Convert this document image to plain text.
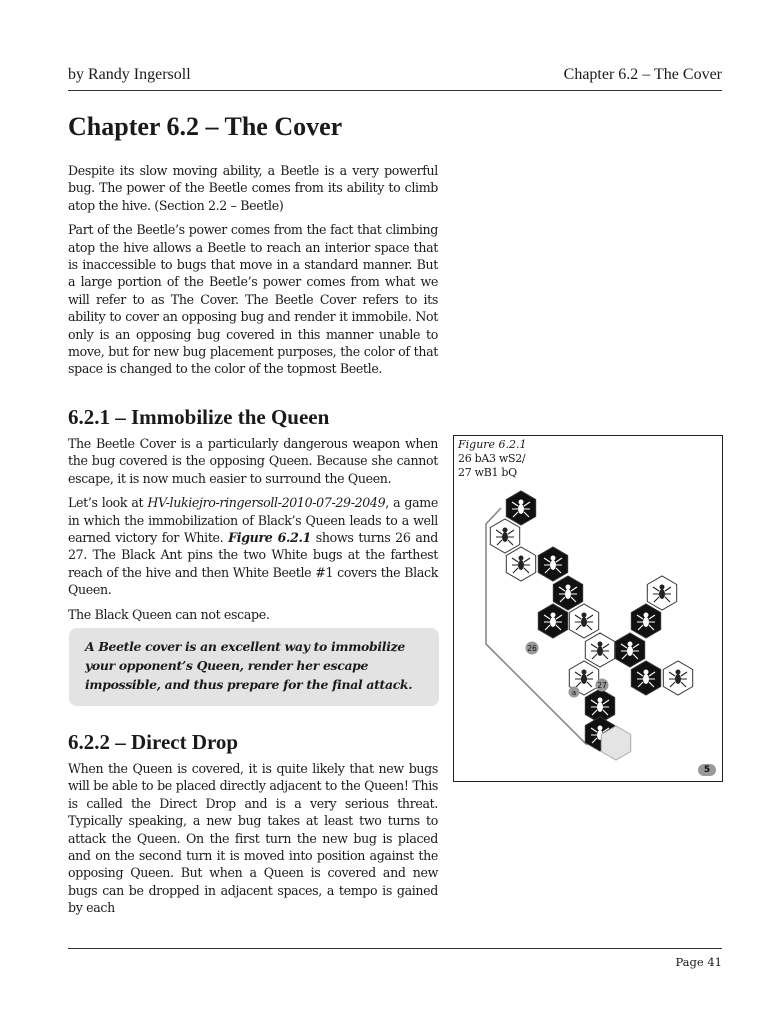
by Randy Ingersoll	Chapter 6.2 – The Cover
Chapter 6.2 – The Cover

Despite its slow moving ability, a Beetle is a very powerful bug. The power of the Beetle comes from its ability to climb atop the hive. (Section 2.2 – Beetle)

Part of the Beetle’s power comes from the fact that climbing atop the hive allows a Beetle to reach an interior space that is inaccessible to bugs that move in a standard manner. But a large portion of the Beetle’s power comes from what we will refer to as The Cover. The Beetle Cover refers to its ability to cover an opposing bug and render it immobile. Not only is an opposing bug covered in this manner unable to move, but for new bug placement purposes, the color of that space is changed to the color of the topmost Beetle.

6.2.1 – Immobilize the Queen

The Beetle Cover is a particularly dangerous weapon when the bug covered is the opposing Queen. Because she cannot escape, it is now much easier to surround the Queen.

Let’s look at HV-lukiejro-ringersoll-2010-07-29-2049, a game in which the immobilization of Black’s Queen leads to a well earned victory for White. Figure 6.2.1 shows turns 26 and 27. The Black Ant pins the two White bugs at the farthest reach of the hive and then White Beetle #1 covers the Black Queen.

The Black Queen can not escape.

A Beetle cover is an excellent way to immobilize your opponent’s Queen, render her escape impossible, and thus prepare for the final attack.

6.2.2 – Direct Drop

When the Queen is covered, it is quite likely that new bugs will be able to be placed directly adjacent to the Queen! This is called the Direct Drop and is a very serious threat. Typically speaking, a new bug takes at least two turns to attack the Queen. On the first turn the new bug is placed and on the second turn it is moved into position against the opposing Queen. But when a Queen is covered and new bugs can be dropped in adjacent spaces, a tempo is gained by each

Figure 6.2.1
26 bA3 wS2/
27 wB1 bQ
26
27
a
5
Page 41
